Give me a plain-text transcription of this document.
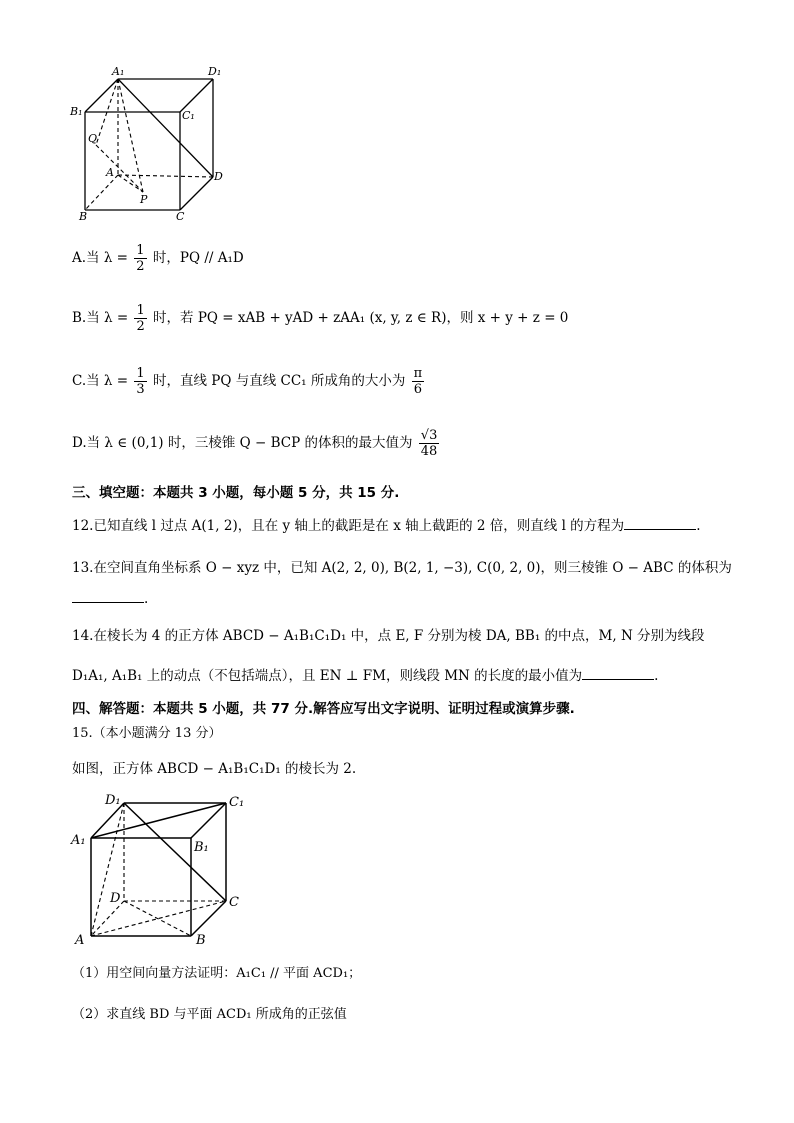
A₁	D₁
B₁	C₁
Q
A	D
P
B	C
A.当 $\lambda = \frac{1}{2}$ 时，PQ // A₁D
B.当 $\lambda = \frac{1}{2}$ 时，若 PQ = xAB + yAD + zAA₁ (x, y, z ∈ R)，则 x + y + z = 0
C.当 $\lambda = \frac{1}{3}$ 时，直线 PQ 与直线 CC₁ 所成角的大小为 $\frac{\pi}{6}$
D.当 λ ∈ (0,1) 时，三棱锥 Q − BCP 的体积的最大值为 $\frac{√3}{48}$
三、填空题：本题共 3 小题，每小题 5 分，共 15 分.
12.已知直线 l 过点 A(1, 2)，且在 y 轴上的截距是在 x 轴上截距的 2 倍，则直线 l 的方程为	.
13.在空间直角坐标系 O − xyz 中，已知 A(2, 2, 0), B(2, 1, −3), C(0, 2, 0)，则三棱锥 O − ABC 的体积为
.
14.在棱长为 4 的正方体 ABCD − A₁B₁C₁D₁ 中，点 E, F 分别为棱 DA, BB₁ 的中点，M, N 分别为线段
D₁A₁, A₁B₁ 上的动点（不包括端点），且 EN ⊥ FM，则线段 MN 的长度的最小值为	.
四、解答题：本题共 5 小题，共 77 分.解答应写出文字说明、证明过程或演算步骤.
15.（本小题满分 13 分）
如图，正方体 ABCD − A₁B₁C₁D₁ 的棱长为 2.
D₁	C₁
A₁	B₁
D	C
A	B
（1）用空间向量方法证明：A₁C₁ // 平面 ACD₁；
（2）求直线 BD 与平面 ACD₁ 所成角的正弦值
